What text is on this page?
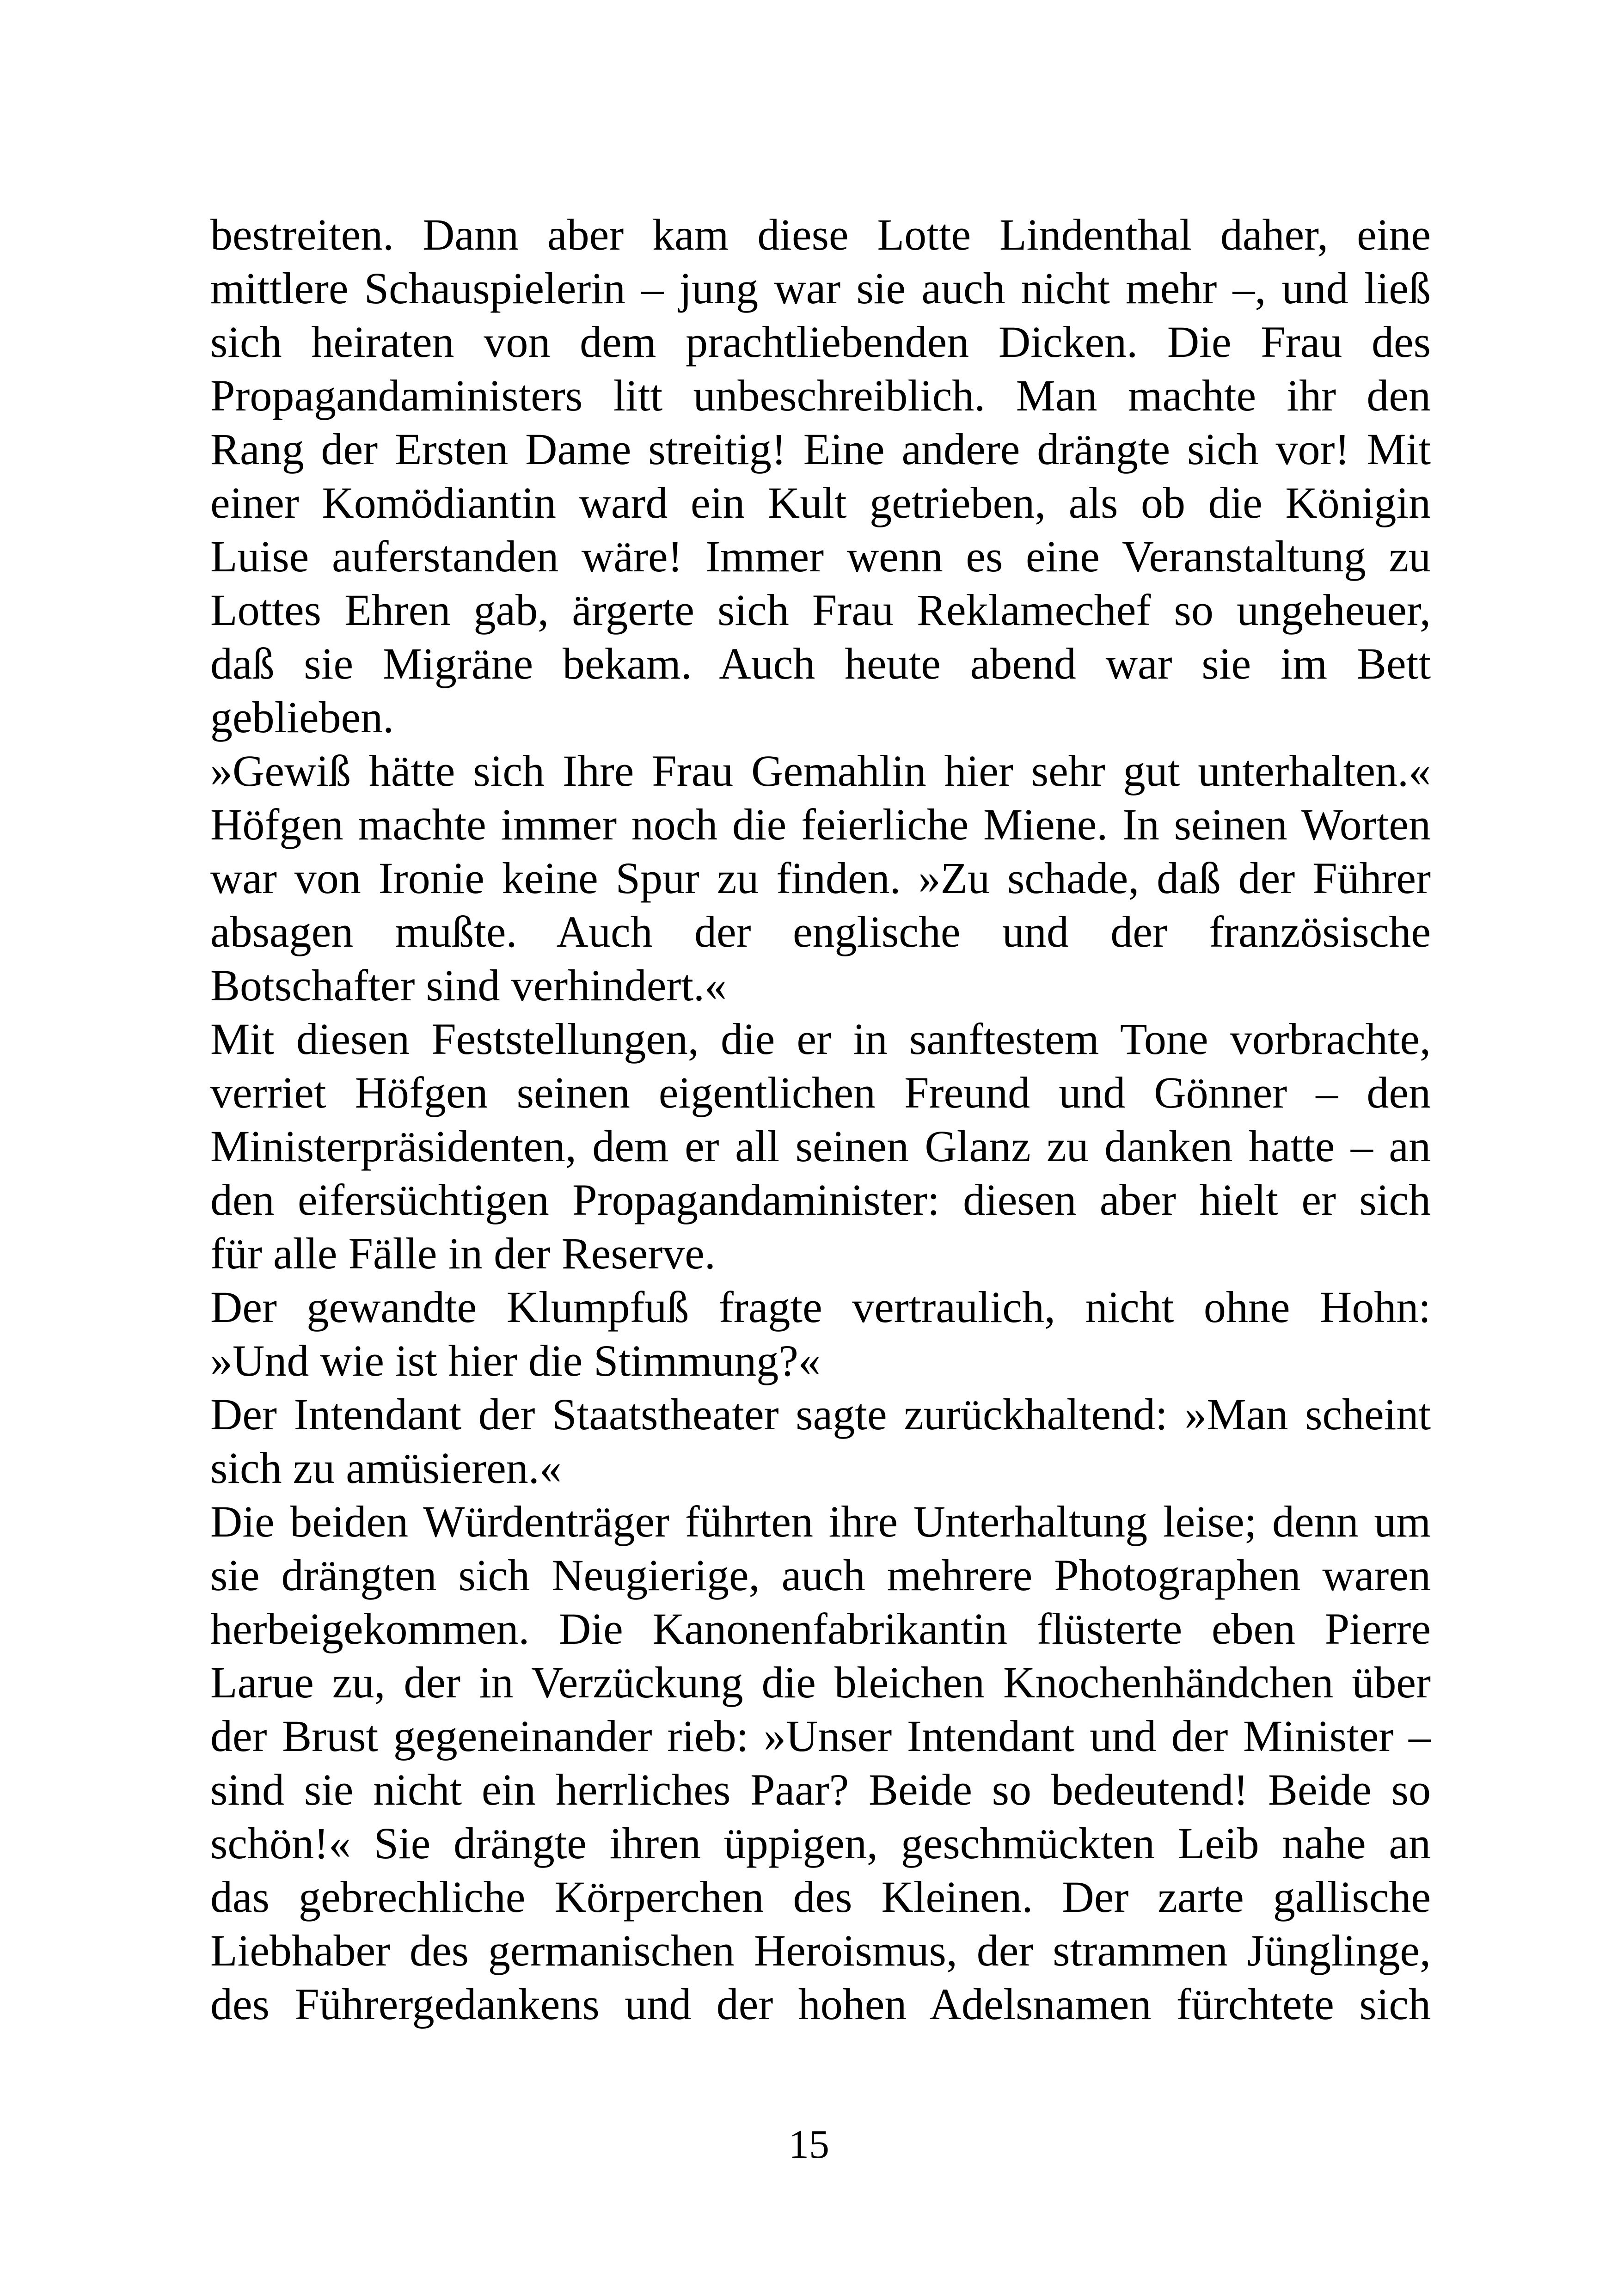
bestreiten. Dann aber kam diese Lotte Lindenthal daher, eine
mittlere Schauspielerin – jung war sie auch nicht mehr –, und ließ
sich heiraten von dem prachtliebenden Dicken. Die Frau des
Propagandaministers litt unbeschreiblich. Man machte ihr den
Rang der Ersten Dame streitig! Eine andere drängte sich vor! Mit
einer Komödiantin ward ein Kult getrieben, als ob die Königin
Luise auferstanden wäre! Immer wenn es eine Veranstaltung zu
Lottes Ehren gab, ärgerte sich Frau Reklamechef so ungeheuer,
daß sie Migräne bekam. Auch heute abend war sie im Bett
geblieben.
»Gewiß hätte sich Ihre Frau Gemahlin hier sehr gut unterhalten.«
Höfgen machte immer noch die feierliche Miene. In seinen Worten
war von Ironie keine Spur zu finden. »Zu schade, daß der Führer
absagen mußte. Auch der englische und der französische
Botschafter sind verhindert.«
Mit diesen Feststellungen, die er in sanftestem Tone vorbrachte,
verriet Höfgen seinen eigentlichen Freund und Gönner – den
Ministerpräsidenten, dem er all seinen Glanz zu danken hatte – an
den eifersüchtigen Propagandaminister: diesen aber hielt er sich
für alle Fälle in der Reserve.
Der gewandte Klumpfuß fragte vertraulich, nicht ohne Hohn:
»Und wie ist hier die Stimmung?«
Der Intendant der Staatstheater sagte zurückhaltend: »Man scheint
sich zu amüsieren.«
Die beiden Würdenträger führten ihre Unterhaltung leise; denn um
sie drängten sich Neugierige, auch mehrere Photographen waren
herbeigekommen. Die Kanonenfabrikantin flüsterte eben Pierre
Larue zu, der in Verzückung die bleichen Knochenhändchen über
der Brust gegeneinander rieb: »Unser Intendant und der Minister –
sind sie nicht ein herrliches Paar? Beide so bedeutend! Beide so
schön!« Sie drängte ihren üppigen, geschmückten Leib nahe an
das gebrechliche Körperchen des Kleinen. Der zarte gallische
Liebhaber des germanischen Heroismus, der strammen Jünglinge,
des Führergedankens und der hohen Adelsnamen fürchtete sich
15
